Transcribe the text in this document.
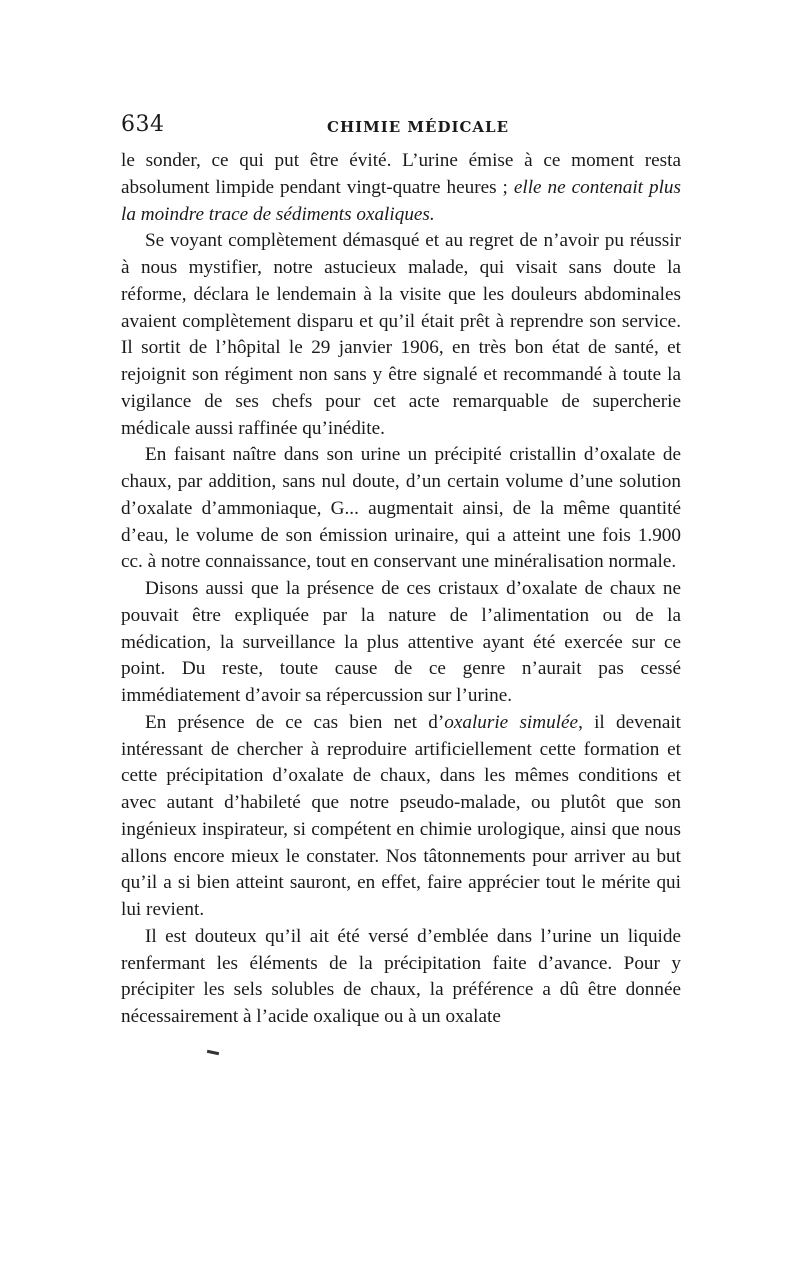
634	CHIMIE MÉDICALE

le sonder, ce qui put être évité. L’urine émise à ce moment resta absolument limpide pendant vingt-quatre heures ; elle ne contenait plus la moindre trace de sédiments oxaliques.

Se voyant complètement démasqué et au regret de n’avoir pu réussir à nous mystifier, notre astucieux malade, qui visait sans doute la réforme, déclara le lendemain à la visite que les douleurs abdominales avaient complètement disparu et qu’il était prêt à reprendre son service. Il sortit de l’hôpital le 29 janvier 1906, en très bon état de santé, et rejoignit son régiment non sans y être signalé et recommandé à toute la vigilance de ses chefs pour cet acte remarquable de supercherie médicale aussi raffinée qu’inédite.

En faisant naître dans son urine un précipité cristallin d’oxalate de chaux, par addition, sans nul doute, d’un certain volume d’une solution d’oxalate d’ammoniaque, G... augmentait ainsi, de la même quantité d’eau, le volume de son émission urinaire, qui a atteint une fois 1.900 cc. à notre connaissance, tout en conservant une minéralisation normale.

Disons aussi que la présence de ces cristaux d’oxalate de chaux ne pouvait être expliquée par la nature de l’alimentation ou de la médication, la surveillance la plus attentive ayant été exercée sur ce point. Du reste, toute cause de ce genre n’aurait pas cessé immédiatement d’avoir sa répercussion sur l’urine.

En présence de ce cas bien net d’oxalurie simulée, il devenait intéressant de chercher à reproduire artificiellement cette formation et cette précipitation d’oxalate de chaux, dans les mêmes conditions et avec autant d’habileté que notre pseudo-malade, ou plutôt que son ingénieux inspirateur, si compétent en chimie urologique, ainsi que nous allons encore mieux le constater. Nos tâtonnements pour arriver au but qu’il a si bien atteint sauront, en effet, faire apprécier tout le mérite qui lui revient.

Il est douteux qu’il ait été versé d’emblée dans l’urine un liquide renfermant les éléments de la précipitation faite d’avance. Pour y précipiter les sels solubles de chaux, la préférence a dû être donnée nécessairement à l’acide oxalique ou à un oxalate
